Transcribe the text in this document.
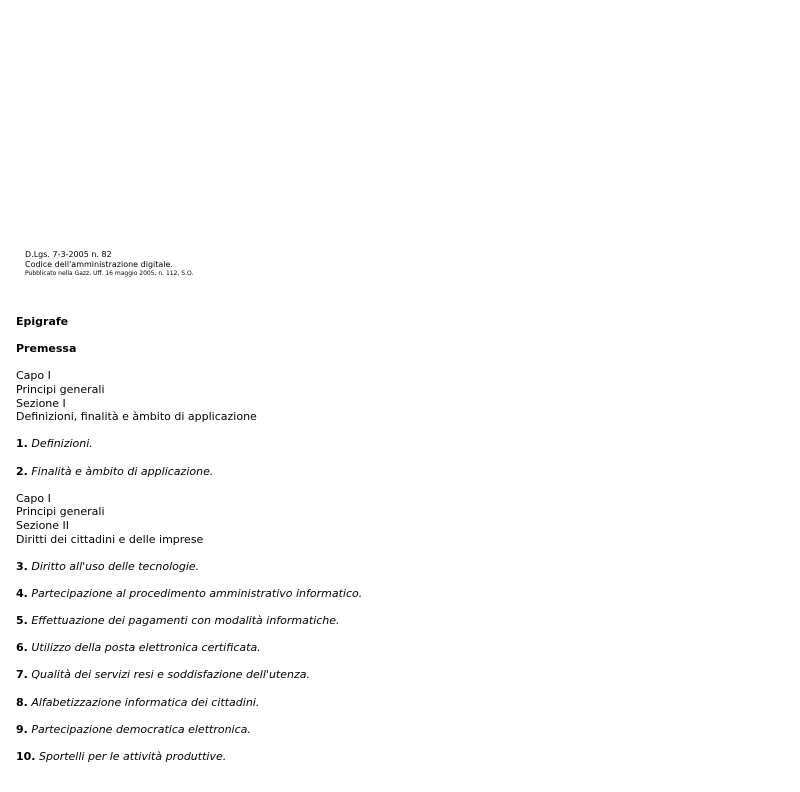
D.Lgs. 7-3-2005 n. 82
Codice dell'amministrazione digitale.
Pubblicato nella Gazz. Uff. 16 maggio 2005, n. 112, S.O.
Epigrafe
Premessa
Capo I
Principi generali
Sezione I
Definizioni, finalità e àmbito di applicazione
1. Definizioni.
2. Finalità e àmbito di applicazione.
Capo I
Principi generali
Sezione II
Diritti dei cittadini e delle imprese
3. Diritto all'uso delle tecnologie.
4. Partecipazione al procedimento amministrativo informatico.
5. Effettuazione dei pagamenti con modalità informatiche.
6. Utilizzo della posta elettronica certificata.
7. Qualità dei servizi resi e soddisfazione dell'utenza.
8. Alfabetizzazione informatica dei cittadini.
9. Partecipazione democratica elettronica.
10. Sportelli per le attività produttive.
